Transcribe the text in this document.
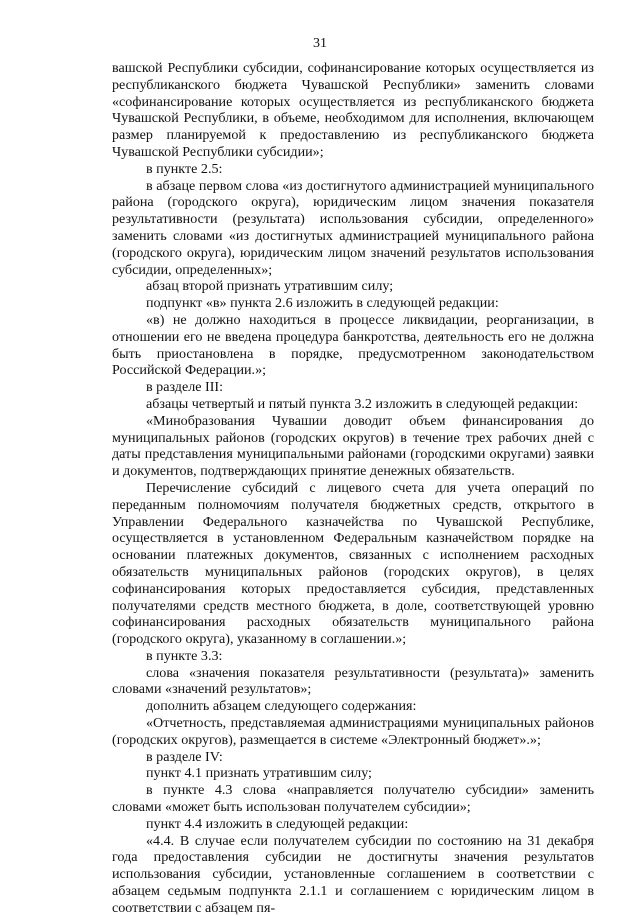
31

вашской Республики субсидии, софинансирование которых осуществляется из республиканского бюджета Чувашской Республики» заменить словами «софинансирование которых осуществляется из республиканского бюджета Чувашской Республики, в объеме, необходимом для исполнения, включающем размер планируемой к предоставлению из республиканского бюджета Чувашской Республики субсидии»;

в пункте 2.5:

в абзаце первом слова «из достигнутого администрацией муниципального района (городского округа), юридическим лицом значения показателя результативности (результата) использования субсидии, определенного» заменить словами «из достигнутых администрацией муниципального района (городского округа), юридическим лицом значений результатов использования субсидии, определенных»;

абзац второй признать утратившим силу;

подпункт «в» пункта 2.6 изложить в следующей редакции:

«в) не должно находиться в процессе ликвидации, реорганизации, в отношении его не введена процедура банкротства, деятельность его не должна быть приостановлена в порядке, предусмотренном законодательством Российской Федерации.»;

в разделе III:

абзацы четвертый и пятый пункта 3.2 изложить в следующей редакции:

«Минобразования Чувашии доводит объем финансирования до муниципальных районов (городских округов) в течение трех рабочих дней с даты представления муниципальными районами (городскими округами) заявки и документов, подтверждающих принятие денежных обязательств.

Перечисление субсидий с лицевого счета для учета операций по переданным полномочиям получателя бюджетных средств, открытого в Управлении Федерального казначейства по Чувашской Республике, осуществляется в установленном Федеральным казначейством порядке на основании платежных документов, связанных с исполнением расходных обязательств муниципальных районов (городских округов), в целях софинансирования которых предоставляется субсидия, представленных получателями средств местного бюджета, в доле, соответствующей уровню софинансирования расходных обязательств муниципального района (городского округа), указанному в соглашении.»;

в пункте 3.3:

слова «значения показателя результативности (результата)» заменить словами «значений результатов»;

дополнить абзацем следующего содержания:

«Отчетность, представляемая администрациями муниципальных районов (городских округов), размещается в системе «Электронный бюджет».»;

в разделе IV:

пункт 4.1 признать утратившим силу;

в пункте 4.3 слова «направляется получателю субсидии» заменить словами «может быть использован получателем субсидии»;

пункт 4.4 изложить в следующей редакции:

«4.4. В случае если получателем субсидии по состоянию на 31 декабря года предоставления субсидии не достигнуты значения результатов использования субсидии, установленные соглашением в соответствии с абзацем седьмым подпункта 2.1.1 и соглашением с юридическим лицом в соответствии с абзацем пя-
